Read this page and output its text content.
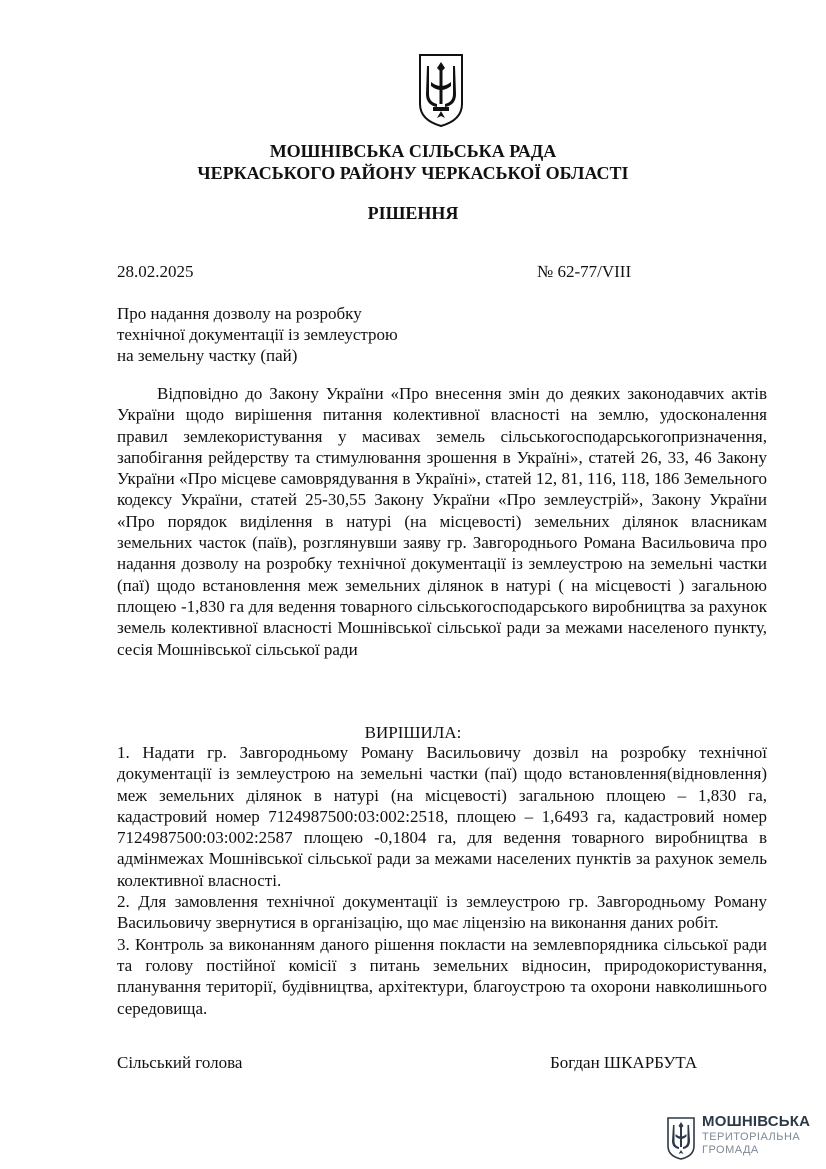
МОШНІВСЬКА СІЛЬСЬКА РАДА
ЧЕРКАСЬКОГО РАЙОНУ ЧЕРКАСЬКОЇ ОБЛАСТІ
РІШЕННЯ
28.02.2025	№ 62-77/VIII
Про надання дозволу на розробку
технічної документації із землеустрою
на земельну частку (пай)
Відповідно до Закону України «Про внесення змін до деяких законодавчих актів України щодо вирішення питання колективної власності на землю, удосконалення правил землекористування у масивах земель сільськогосподарськогопризначення, запобігання рейдерству та стимулювання зрошення в Україні», статей 26, 33, 46 Закону України «Про місцеве самоврядування в Україні», статей 12, 81, 116, 118, 186 Земельного кодексу України, статей 25-30,55 Закону України «Про землеустрій», Закону України «Про порядок виділення в натурі (на місцевості) земельних ділянок власникам земельних часток (паїв), розглянувши заяву гр. Завгороднього Романа Васильовича про надання дозволу на розробку технічної документації із землеустрою на земельні частки (паї) щодо встановлення меж земельних ділянок в натурі ( на місцевості ) загальною площею -1,830 га для ведення товарного сільськогосподарського виробництва за рахунок земель колективної власності Мошнівської сільської ради за межами населеного пункту, сесія Мошнівської сільської ради
ВИРІШИЛА:

1. Надати гр. Завгородньому Роману Васильовичу дозвіл на розробку технічної документації із землеустрою на земельні частки (паї) щодо встановлення(відновлення) меж земельних ділянок в натурі (на місцевості) загальною площею – 1,830 га, кадастровий номер 7124987500:03:002:2518, площею – 1,6493 га, кадастровий номер 7124987500:03:002:2587 площею -0,1804 га, для ведення товарного виробництва в адмінмежах Мошнівської сільської ради за межами населених пунктів за рахунок земель колективної власності.

2. Для замовлення технічної документації із землеустрою гр. Завгородньому Роману Васильовичу звернутися в організацію, що має ліцензію на виконання даних робіт.

3. Контроль за виконанням даного рішення покласти на землевпорядника сільської ради та голову постійної комісії з питань земельних відносин, природокористування, планування території, будівництва, архітектури, благоустрою та охорони навколишнього середовища.

Сільський голова	Богдан ШКАРБУТА
МОШНІВСЬКА
ТЕРИТОРІАЛЬНА
ГРОМАДА
